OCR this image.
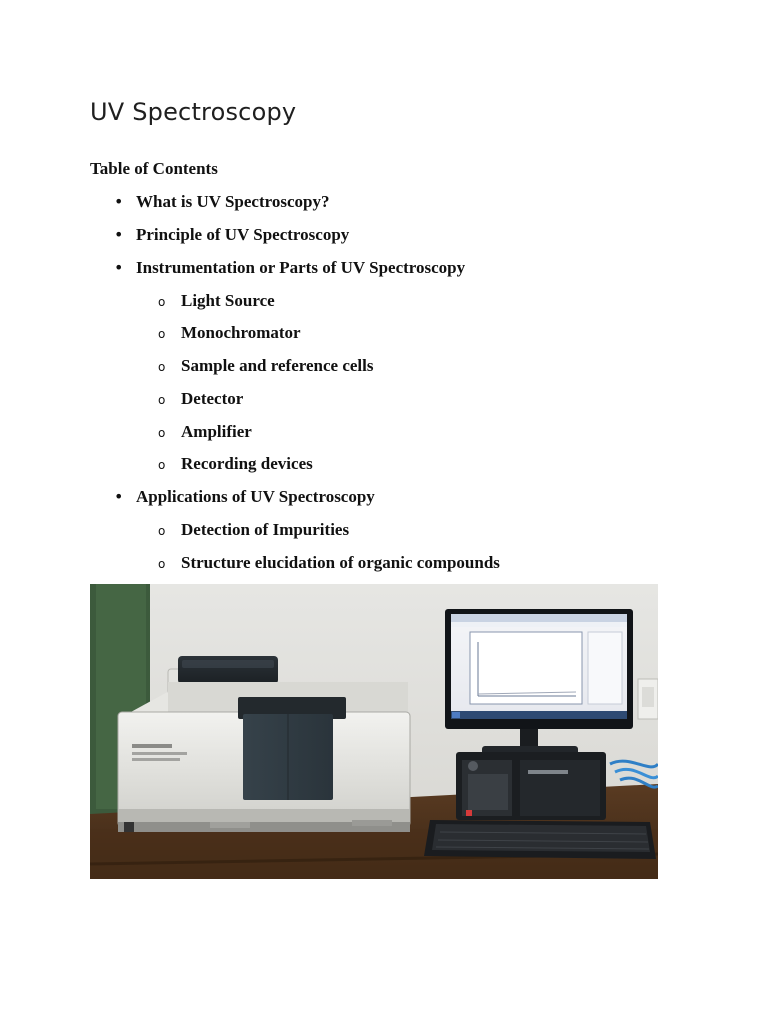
UV Spectroscopy
Table of Contents
• What is UV Spectroscopy?
• Principle of UV Spectroscopy
• Instrumentation or Parts of UV Spectroscopy
o Light Source
o Monochromator
o Sample and reference cells
o Detector
o Amplifier
o Recording devices
• Applications of UV Spectroscopy
o Detection of Impurities
o Structure elucidation of organic compounds
